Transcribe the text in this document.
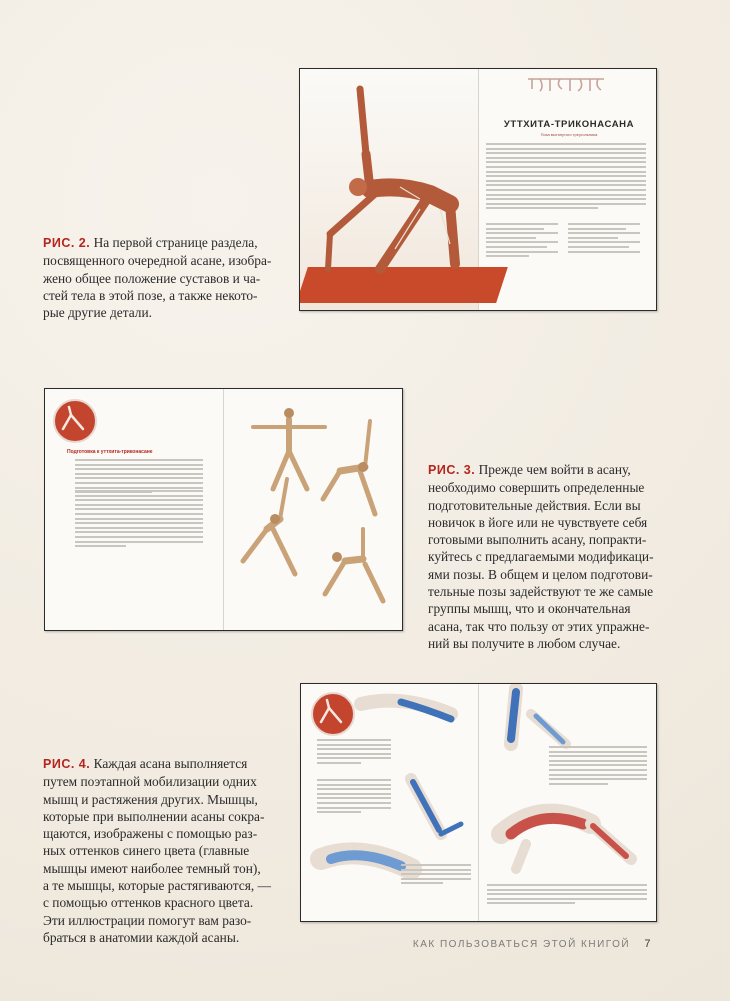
УТТХИТА-ТРИКОНАСАНА
Поза вытянутого треугольника
РИС. 2. На первой странице раздела,
посвященного очередной асане, изобра-
жено общее положение суставов и ча-
стей тела в этой позе, а также некото-
рые другие детали.
Подготовка к уттхита-триконасане
РИС. 3. Прежде чем войти в асану,
необходимо совершить определенные
подготовительные действия. Если вы
новичок в йоге или не чувствуете себя
готовыми выполнить асану, попракти-
куйтесь с предлагаемыми модификаци-
ями позы. В общем и целом подготови-
тельные позы задействуют те же самые
группы мышц, что и окончательная
асана, так что пользу от этих упражне-
ний вы получите в любом случае.
РИС. 4. Каждая асана выполняется
путем поэтапной мобилизации одних
мышц и растяжения других. Мышцы,
которые при выполнении асаны сокра-
щаются, изображены с помощью раз-
ных оттенков синего цвета (главные
мышцы имеют наиболее темный тон),
а те мышцы, которые растягиваются, —
с помощью оттенков красного цвета.
Эти иллюстрации помогут вам разо-
браться в анатомии каждой асаны.	КАК ПОЛЬЗОВАТЬСЯ ЭТОЙ КНИГОЙ 7
